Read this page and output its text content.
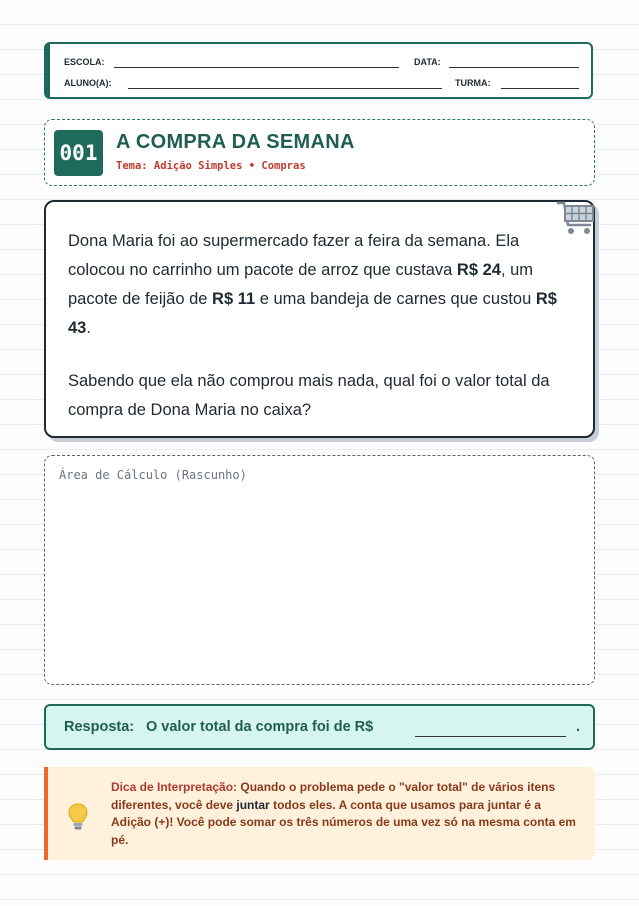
ESCOLA:	DATA:
ALUNO(A):	TURMA:
001 A COMPRA DA SEMANA
Tema: Adição Simples • Compras

Dona Maria foi ao supermercado fazer a feira da semana. Ela colocou no carrinho um pacote de arroz que custava R$ 24, um pacote de feijão de R$ 11 e uma bandeja de carnes que custou R$ 43.

Sabendo que ela não comprou mais nada, qual foi o valor total da compra de Dona Maria no caixa?

Área de Cálculo (Rascunho)
Resposta: O valor total da compra foi de R$	.
Dica de Interpretação: Quando o problema pede o "valor total" de vários itens diferentes, você deve juntar todos eles. A conta que usamos para juntar é a Adição (+)! Você pode somar os três números de uma vez só na mesma conta em pé.
